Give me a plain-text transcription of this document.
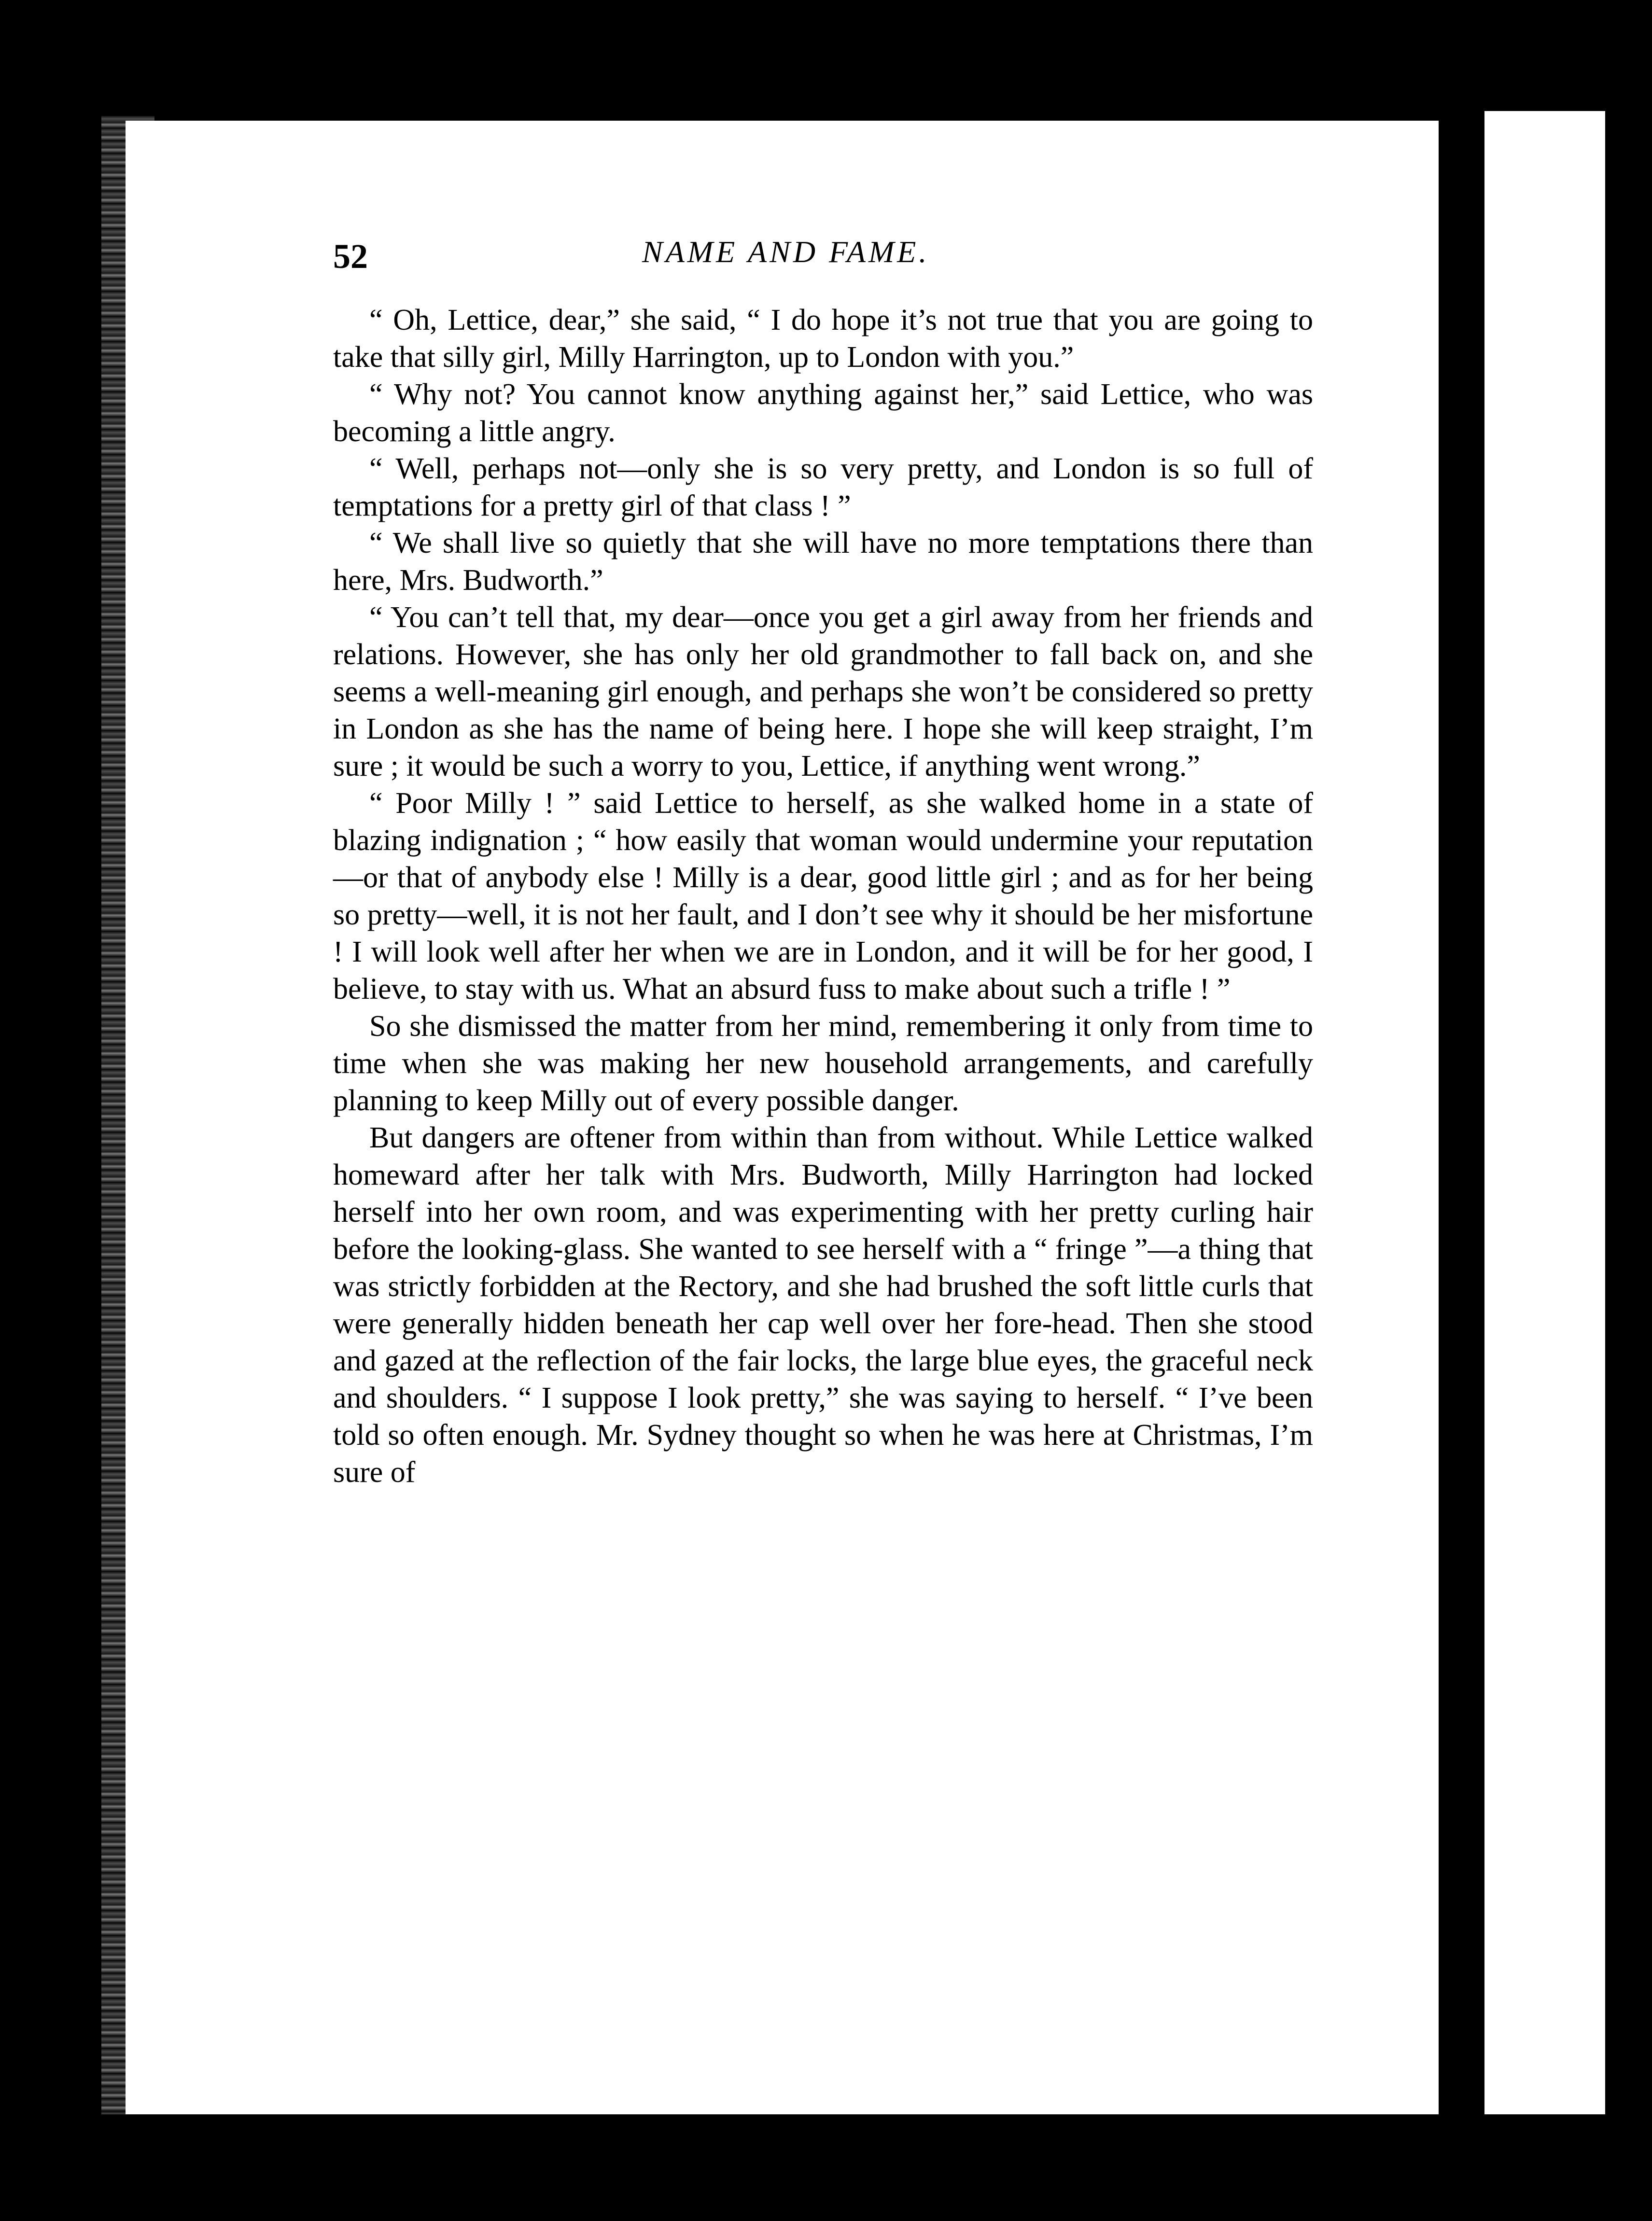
52	NAME AND FAME.

“ Oh, Lettice, dear,” she said, “ I do hope it’s not true that you are going to take that silly girl, Milly Harrington, up to London with you.”

“ Why not? You cannot know anything against her,” said Lettice, who was becoming a little angry.

“ Well, perhaps not—only she is so very pretty, and London is so full of temptations for a pretty girl of that class ! ”

“ We shall live so quietly that she will have no more temptations there than here, Mrs. Budworth.”

“ You can’t tell that, my dear—once you get a girl away from her friends and relations. However, she has only her old grandmother to fall back on, and she seems a well-meaning girl enough, and perhaps she won’t be considered so pretty in London as she has the name of being here. I hope she will keep straight, I’m sure ; it would be such a worry to you, Lettice, if anything went wrong.”

“ Poor Milly ! ” said Lettice to herself, as she walked home in a state of blazing indignation ; “ how easily that woman would undermine your reputation—or that of anybody else ! Milly is a dear, good little girl ; and as for her being so pretty—well, it is not her fault, and I don’t see why it should be her misfortune ! I will look well after her when we are in London, and it will be for her good, I believe, to stay with us. What an absurd fuss to make about such a trifle ! ”

So she dismissed the matter from her mind, remembering it only from time to time when she was making her new household arrangements, and carefully planning to keep Milly out of every possible danger.

But dangers are oftener from within than from without. While Lettice walked homeward after her talk with Mrs. Budworth, Milly Harrington had locked herself into her own room, and was experimenting with her pretty curling hair before the looking-glass. She wanted to see herself with a “ fringe ”—a thing that was strictly forbidden at the Rectory, and she had brushed the soft little curls that were generally hidden beneath her cap well over her fore-head. Then she stood and gazed at the reflection of the fair locks, the large blue eyes, the graceful neck and shoulders. “ I suppose I look pretty,” she was saying to herself. “ I’ve been told so often enough. Mr. Sydney thought so when he was here at Christmas, I’m sure of
